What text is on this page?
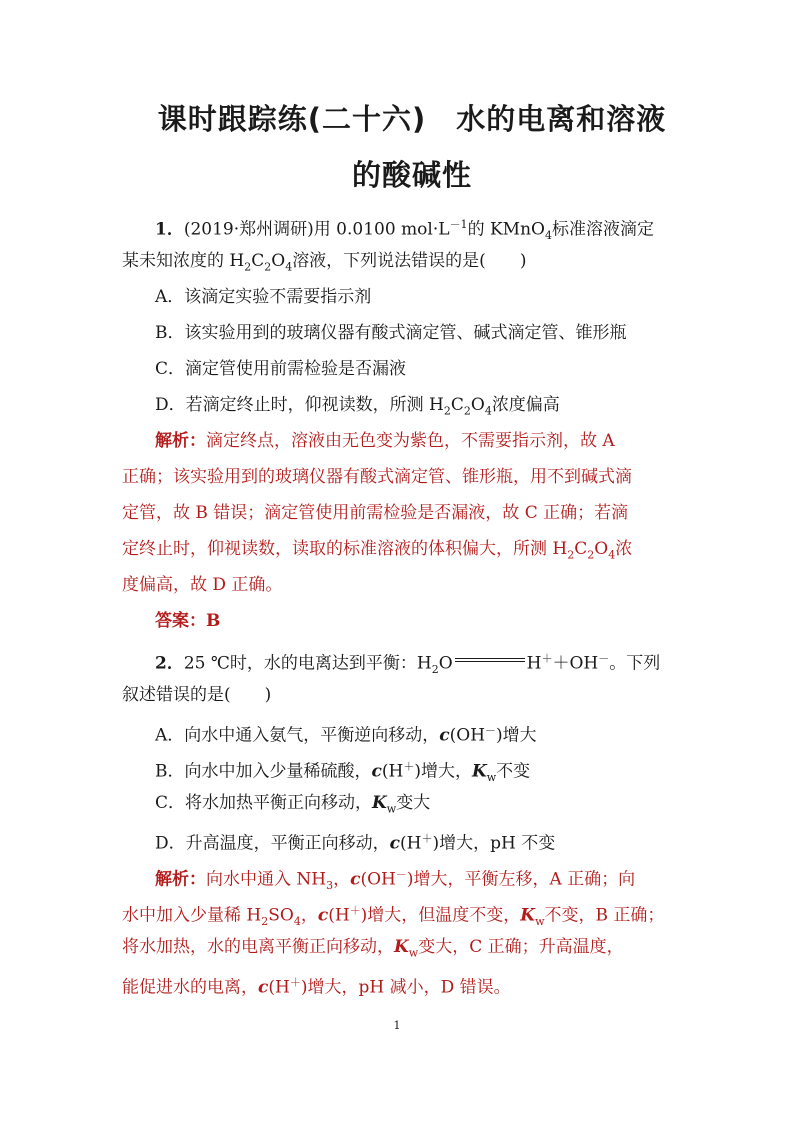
课时跟踪练(二十六)　水的电离和溶液
的酸碱性
1．(2019·郑州调研)用 0.0100 $mol\cdot L^{-1}$的 KMnO$_4$标准溶液滴定
某未知浓度的 $H_2C_2O_4$溶液，下列说法错误的是(　　)
A．该滴定实验不需要指示剂
B．该实验用到的玻璃仪器有酸式滴定管、碱式滴定管、锥形瓶
C．滴定管使用前需检验是否漏液
D．若滴定终止时，仰视读数，所测 $H_2C_2O_4$浓度偏高
解析：滴定终点，溶液由无色变为紫色，不需要指示剂，故 A
正确；该实验用到的玻璃仪器有酸式滴定管、锥形瓶，用不到碱式滴
定管，故 B 错误；滴定管使用前需检验是否漏液，故 C 正确；若滴
定终止时，仰视读数，读取的标准溶液的体积偏大，所测 $H_2C_2O_4$浓
度偏高，故 D 正确。
答案：B
2．25 ℃时，水的电离达到平衡：$H_2O$	H＋＋OH－。下列
叙述错误的是(　　)
A．向水中通入氨气，平衡逆向移动，c(OH－)增大
B．向水中加入少量稀硫酸，c(H＋)增大，$K_w$不变
C．将水加热平衡正向移动，$K_w$变大
D．升高温度，平衡正向移动，c(H＋)增大，pH 不变
解析：向水中通入 $NH_3$，c(OH－)增大，平衡左移，A 正确；向
水中加入少量稀 $H_2SO_4$，c(H＋)增大，但温度不变，$K_w$不变，B 正确；
将水加热，水的电离平衡正向移动，$K_w$变大，C 正确；升高温度，
能促进水的电离，c(H＋)增大，pH 减小，D 错误。
1
